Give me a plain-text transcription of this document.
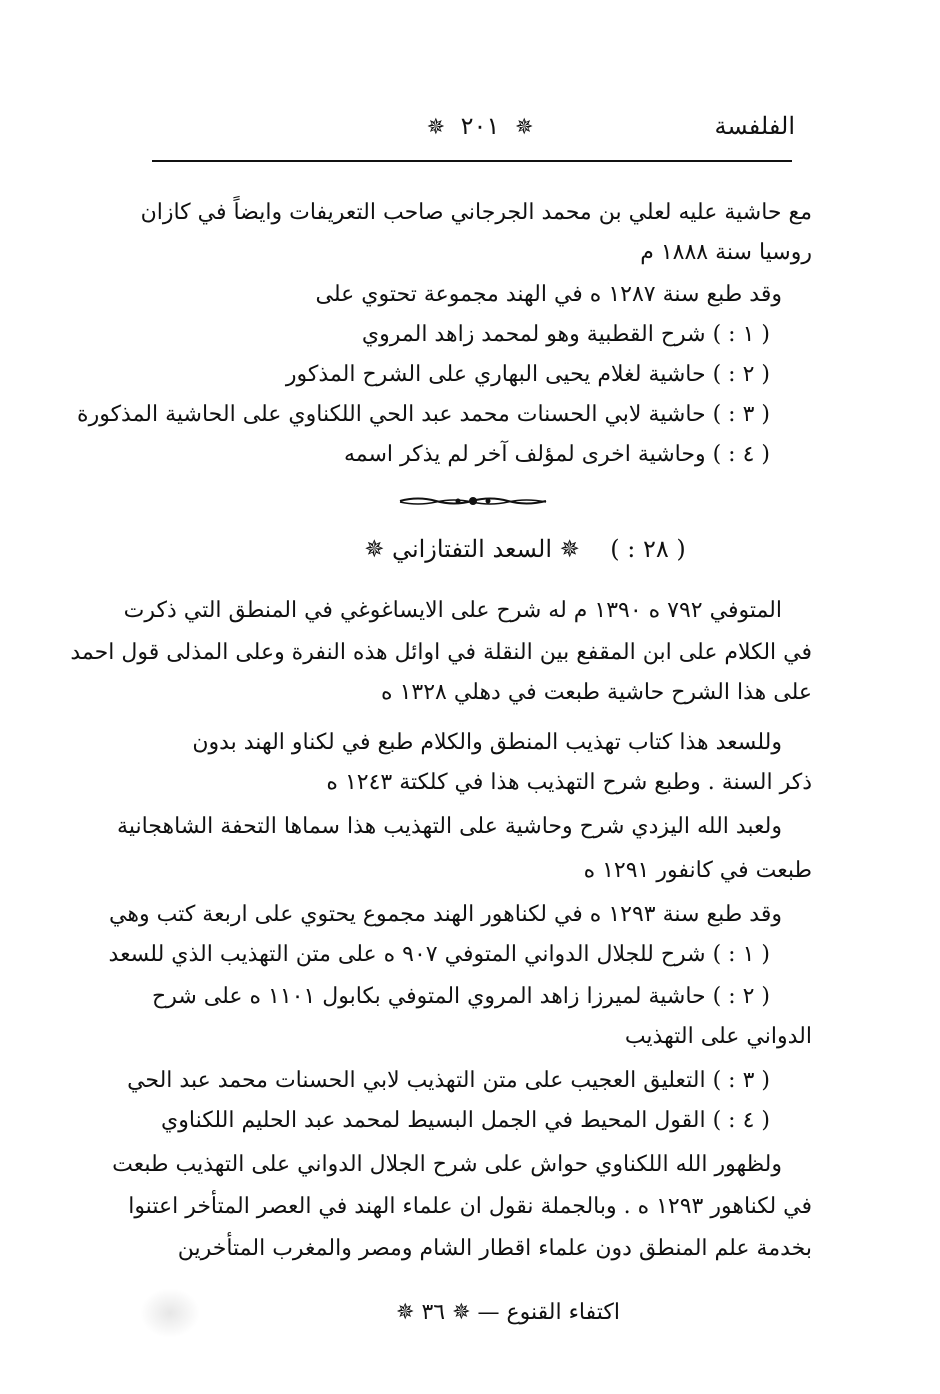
الفلفسة
✵ ٢٠١ ✵
مع حاشية عليه لعلي بن محمد الجرجاني صاحب التعريفات وايضاً في كازان
روسيا سنة ١٨٨٨ م
وقد طبع سنة ١٢٨٧ ه في الهند مجموعة تحتوي على
( ١ : ) شرح القطبية وهو لمحمد زاهد المروي
( ٢ : ) حاشية لغلام يحيى البهاري على الشرح المذكور
( ٣ : ) حاشية لابي الحسنات محمد عبد الحي اللكناوي على الحاشية المذكورة
( ٤ : ) وحاشية اخرى لمؤلف آخر لم يذكر اسمه
( ٢٨ : )    ✵ السعد التفتازاني ✵
المتوفي ٧٩٢ ه ١٣٩٠ م له شرح على الايساغوغي في المنطق التي ذكرت
في الكلام على ابن المقفع بين النقلة في اوائل هذه النفرة وعلى المذلى قول احمد
على هذا الشرح حاشية طبعت في دهلي ١٣٢٨ ه
وللسعد هذا كتاب تهذيب المنطق والكلام طبع في لكناو الهند بدون
ذكر السنة . وطبع شرح التهذيب هذا في كلكتة ١٢٤٣ ه
ولعبد الله اليزدي شرح وحاشية على التهذيب هذا سماها التحفة الشاهجانية
طبعت في كانفور ١٢٩١ ه
وقد طبع سنة ١٢٩٣ ه في لكناهور الهند مجموع يحتوي على اربعة كتب وهي
( ١ : ) شرح للجلال الدواني المتوفي ٩٠٧ ه على متن التهذيب الذي للسعد
( ٢ : ) حاشية لميرزا زاهد المروي المتوفي بكابول ١١٠١ ه على شرح
الدواني على التهذيب
( ٣ : ) التعليق العجيب على متن التهذيب لابي الحسنات محمد عبد الحي
( ٤ : ) القول المحيط في الجمل البسيط لمحمد عبد الحليم اللكناوي
ولظهور الله اللكناوي حواش على شرح الجلال الدواني على التهذيب طبعت
في لكناهور ١٢٩٣ ه . وبالجملة نقول ان علماء الهند في العصر المتأخر اعتنوا
بخدمة علم المنطق دون علماء اقطار الشام ومصر والمغرب المتأخرين
اكتفاء القنوع — ✵ ٣٦ ✵
